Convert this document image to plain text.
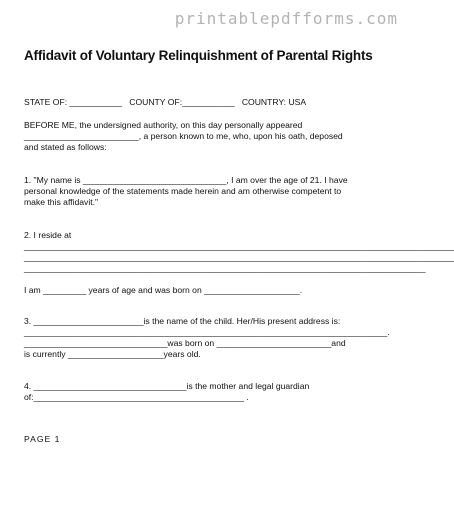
printablepdfforms.com
Affidavit of Voluntary Relinquishment of Parental Rights
STATE OF: ___________   COUNTY OF:___________   COUNTRY: USA
BEFORE ME, the undersigned authority, on this day personally appeared
________________________, a person known to me, who, upon his oath, deposed
and stated as follows:
1. "My name is ______________________________, I am over the age of 21. I have
personal knowledge of the statements made herein and am otherwise competent to
make this affidavit."
2. I reside at
__________________________________________________________________________________________
__________________________________________________________________________________________
____________________________________________________________________________________
I am _________ years of age and was born on ____________________.
3. _______________________is the name of the child. Her/His present address is:
____________________________________________________________________________.
______________________________was born on ________________________and
is currently ____________________years old.
4. ________________________________is the mother and legal guardian
of:____________________________________________ .
PAGE 1
